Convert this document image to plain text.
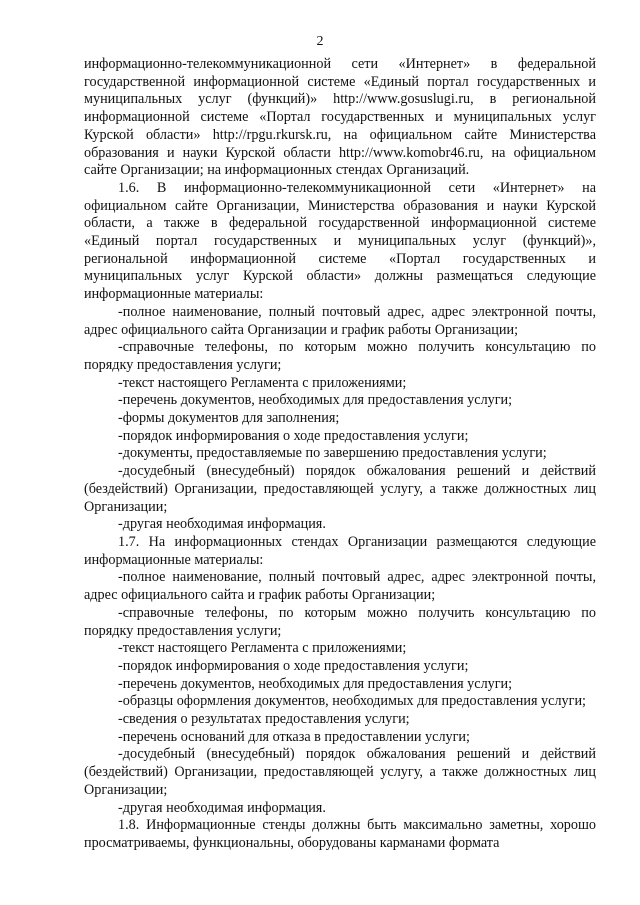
2

информационно-телекоммуникационной сети «Интернет» в федеральной государственной информационной системе «Единый портал государственных и муниципальных услуг (функций)» http://www.gosuslugi.ru, в региональной информационной системе «Портал государственных и муниципальных услуг Курской области» http://rpgu.rkursk.ru, на официальном сайте Министерства образования и науки Курской области http://www.komobr46.ru, на официальном сайте Организации; на информационных стендах Организаций.

1.6. В информационно-телекоммуникационной сети «Интернет» на официальном сайте Организации, Министерства образования и науки Курской области, а также в федеральной государственной информационной системе «Единый портал государственных и муниципальных услуг (функций)», региональной информационной системе «Портал государственных и муниципальных услуг Курской области» должны размещаться следующие информационные материалы:

-полное наименование, полный почтовый адрес, адрес электронной почты, адрес официального сайта Организации и график работы Организации;

-справочные телефоны, по которым можно получить консультацию по порядку предоставления услуги;

-текст настоящего Регламента с приложениями;

-перечень документов, необходимых для предоставления услуги;

-формы документов для заполнения;

-порядок информирования о ходе предоставления услуги;

-документы, предоставляемые по завершению предоставления услуги;

-досудебный (внесудебный) порядок обжалования решений и действий (бездействий) Организации, предоставляющей услугу, а также должностных лиц Организации;

-другая необходимая информация.

1.7. На информационных стендах Организации размещаются следующие информационные материалы:

-полное наименование, полный почтовый адрес, адрес электронной почты, адрес официального сайта и график работы Организации;

-справочные телефоны, по которым можно получить консультацию по порядку предоставления услуги;

-текст настоящего Регламента с приложениями;

-порядок информирования о ходе предоставления услуги;

-перечень документов, необходимых для предоставления услуги;

-образцы оформления документов, необходимых для предоставления услуги;

-сведения о результатах предоставления услуги;

-перечень оснований для отказа в предоставлении услуги;

-досудебный (внесудебный) порядок обжалования решений и действий (бездействий) Организации, предоставляющей услугу, а также должностных лиц Организации;

-другая необходимая информация.

1.8. Информационные стенды должны быть максимально заметны, хорошо просматриваемы, функциональны, оборудованы карманами формата
